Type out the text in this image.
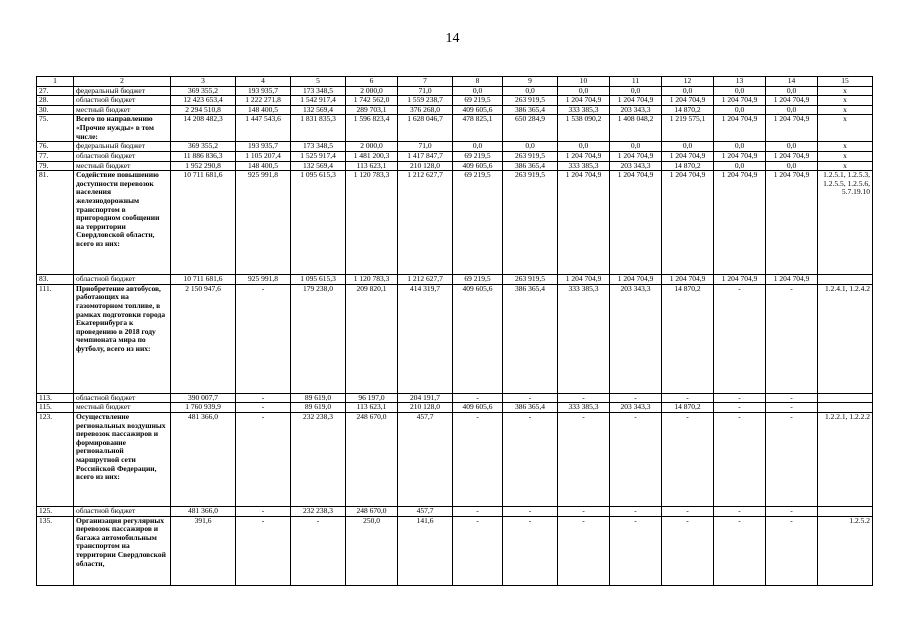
14
1	2	3	4	5	6	7	8	9	10	11	12	13	14	15
27.	федеральный бюджет	369 355,2	193 935,7	173 348,5	2 000,0	71,0	0,0	0,0	0,0	0,0	0,0	0,0	0,0	х
28.	областной бюджет	12 423 653,4	1 222 271,8	1 542 917,4	1 742 562,0	1 559 238,7	69 219,5	263 919,5	1 204 704,9	1 204 704,9	1 204 704,9	1 204 704,9	1 204 704,9	х
30.	местный бюджет	2 294 510,8	148 400,5	132 569,4	289 703,1	376 268,0	409 605,6	386 365,4	333 385,3	203 343,3	14 870,2	0,0	0,0	х
75.	Всего по направлению «Прочие нужды» в том числе:	14 208 482,3	1 447 543,6	1 831 835,3	1 596 823,4	1 628 046,7	478 825,1	650 284,9	1 538 090,2	1 408 048,2	1 219 575,1	1 204 704,9	1 204 704,9	х
76.	федеральный бюджет	369 355,2	193 935,7	173 348,5	2 000,0	71,0	0,0	0,0	0,0	0,0	0,0	0,0	0,0	х
77.	областной бюджет	11 886 836,3	1 105 207,4	1 525 917,4	1 481 200,3	1 417 847,7	69 219,5	263 919,5	1 204 704,9	1 204 704,9	1 204 704,9	1 204 704,9	1 204 704,9	х
79.	местный бюджет	1 952 290,8	148 400,5	132 569,4	113 623,1	210 128,0	409 605,6	386 365,4	333 385,3	203 343,3	14 870,2	0,0	0,0	х
81.	Содействие повышению доступности перевозок населения железнодорожным транспортом в пригородном сообщении на территории Свердловской области, всего из них:	10 711 681,6	925 991,8	1 095 615,3	1 120 783,3	1 212 627,7	69 219,5	263 919,5	1 204 704,9	1 204 704,9	1 204 704,9	1 204 704,9	1 204 704,9	1.2.5.1, 1.2.5.3, 1.2.5.5, 1.2.5.6, 5.7.19.10
83.	областной бюджет	10 711 681,6	925 991,8	1 095 615,3	1 120 783,3	1 212 627,7	69 219,5	263 919,5	1 204 704,9	1 204 704,9	1 204 704,9	1 204 704,9	1 204 704,9	
111.	Приобретение автобусов, работающих на газомоторном топливе, в рамках подготовки города Екатеринбурга к проведению в 2018 году чемпионата мира по футболу, всего из них:	2 150 947,6	-	179 238,0	209 820,1	414 319,7	409 605,6	386 365,4	333 385,3	203 343,3	14 870,2	-	-	1.2.4.1, 1.2.4.2
113.	областной бюджет	390 007,7	-	89 619,0	96 197,0	204 191,7	-	-	-	-	-	-	-	
115.	местный бюджет	1 760 939,9	-	89 619,0	113 623,1	210 128,0	409 605,6	386 365,4	333 385,3	203 343,3	14 870,2	-	-	
123.	Осуществление региональных воздушных перевозок пассажиров и формирование региональной маршрутной сети Российской Федерации, всего из них:	481 366,0	-	232 238,3	248 670,0	457,7	-	-	-	-	-	-	-	1.2.2.1, 1.2.2.2
125.	областной бюджет	481 366,0	-	232 238,3	248 670,0	457,7	-	-	-	-	-	-	-	
135.	Организация регулярных перевозок пассажиров и багажа автомобильным транспортом на территории Свердловской области,	391,6	-	-	250,0	141,6	-	-	-	-	-	-	-	1.2.5.2
